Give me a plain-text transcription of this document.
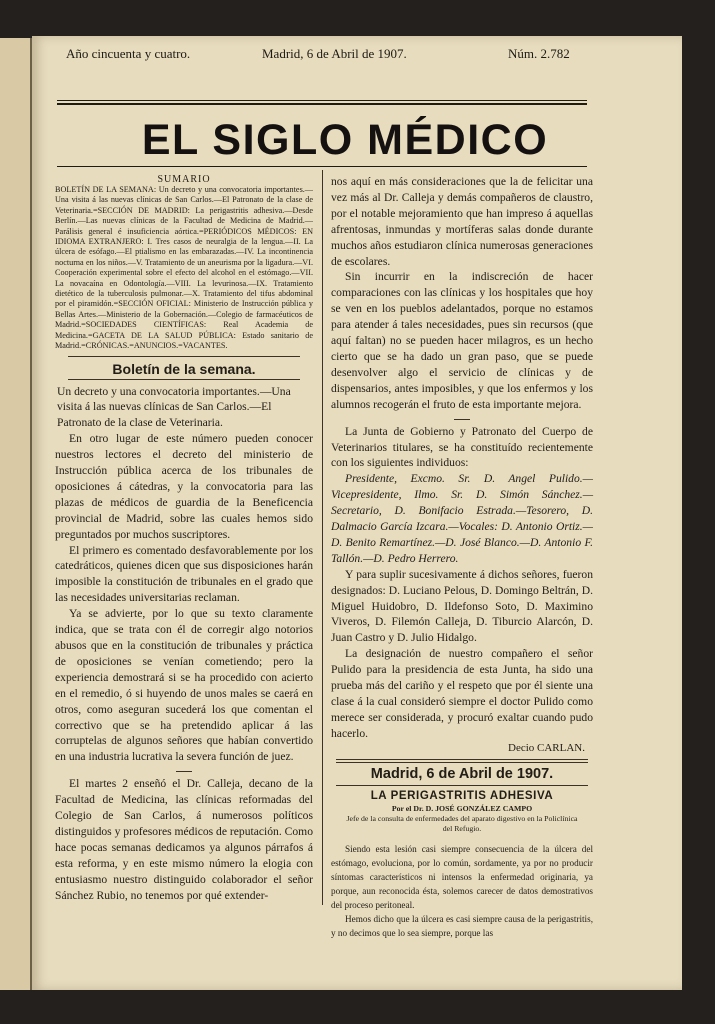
Año cincuenta y cuatro.	Madrid, 6 de Abril de 1907.	Núm. 2.782
EL SIGLO MÉDICO

SUMARIO

BOLETÍN DE LA SEMANA: Un decreto y una convocatoria importantes.—Una visita á las nuevas clínicas de San Carlos.—El Patronato de la clase de Veterinaria.=SECCIÓN DE MADRID: La perigastritis adhesiva.—Desde Berlín.—Las nuevas clínicas de la Facultad de Medicina de Madrid.—Parálisis general é insuficiencia aórtica.=PERIÓDICOS MÉDICOS: EN IDIOMA EXTRANJERO: I. Tres casos de neuralgia de la lengua.—II. La úlcera de esófago.—El ptialismo en las embarazadas.—IV. La incontinencia nocturna en los niños.—V. Tratamiento de un aneurisma por la ligadura.—VI. Cooperación experimental sobre el efecto del alcohol en el estómago.—VII. La novacaína en Odontología.—VIII. La levurinosa.—IX. Tratamiento dietético de la tuberculosis pulmonar.—X. Tratamiento del tifus abdominal por el piramidón.=SECCIÓN OFICIAL: Ministerio de Instrucción pública y Bellas Artes.—Ministerio de la Gobernación.—Colegio de farmacéuticos de Madrid.=SOCIEDADES CIENTÍFICAS: Real Academia de Medicina.=GACETA DE LA SALUD PÚBLICA: Estado sanitario de Madrid.=CRÓNICAS.=ANUNCIOS.=VACANTES.

Boletín de la semana.

Un decreto y una convocatoria importantes.—Una visita á las nuevas clínicas de San Carlos.—El Patronato de la clase de Veterinaria.

En otro lugar de este número pueden conocer nuestros lectores el decreto del ministerio de Instrucción pública acerca de los tribunales de oposiciones á cátedras, y la convocatoria para las plazas de médicos de guardia de la Beneficencia provincial de Madrid, sobre las cuales hemos sido preguntados por muchos suscriptores.

El primero es comentado desfavorablemente por los catedráticos, quienes dicen que sus disposiciones harán imposible la constitución de tribunales en el grado que las necesidades universitarias reclaman.

Ya se advierte, por lo que su texto claramente indica, que se trata con él de corregir algo notorios abusos que en la constitución de tribunales y práctica de oposiciones se venían cometiendo; pero la experiencia demostrará si se ha procedido con acierto en el remedio, ó si huyendo de unos males se caerá en otros, como aseguran sucederá los que comentan el correctivo que se ha pretendido aplicar á las corruptelas de algunos señores que habían convertido en una industria lucrativa la severa función de juez.

El martes 2 enseñó el Dr. Calleja, decano de la Facultad de Medicina, las clínicas reformadas del Colegio de San Carlos, á numerosos políticos distinguidos y profesores médicos de reputación. Como hace pocas semanas dedicamos ya algunos párrafos á esta reforma, y en este mismo número la elogia con entusiasmo nuestro distinguido colaborador el señor Sánchez Rubio, no tenemos por qué extender-

nos aquí en más consideraciones que la de felicitar una vez más al Dr. Calleja y demás compañeros de claustro, por el notable mejoramiento que han impreso á aquellas afrentosas, inmundas y mortíferas salas donde durante muchos años estudiaron clínica numerosas generaciones de escolares.

Sin incurrir en la indiscreción de hacer comparaciones con las clínicas y los hospitales que hoy se ven en los pueblos adelantados, porque no estamos para atender á tales necesidades, pues sin recursos (que aquí faltan) no se pueden hacer milagros, es un hecho cierto que se ha dado un gran paso, que se puede desenvolver algo el servicio de clínicas y de dispensarios, antes imposibles, y que los enfermos y los alumnos recogerán el fruto de esta importante mejora.

La Junta de Gobierno y Patronato del Cuerpo de Veterinarios titulares, se ha constituído recientemente con los siguientes individuos:

Presidente, Excmo. Sr. D. Angel Pulido.—Vicepresidente, Ilmo. Sr. D. Simón Sánchez.—Secretario, D. Bonifacio Estrada.—Tesorero, D. Dalmacio García Izcara.—Vocales: D. Antonio Ortiz.—D. Benito Remartínez.—D. José Blanco.—D. Antonio F. Tallón.—D. Pedro Herrero.

Y para suplir sucesivamente á dichos señores, fueron designados: D. Luciano Pelous, D. Domingo Beltrán, D. Miguel Huidobro, D. Ildefonso Soto, D. Maximino Viveros, D. Filemón Calleja, D. Tiburcio Alarcón, D. Juan Castro y D. Julio Hidalgo.

La designación de nuestro compañero el señor Pulido para la presidencia de esta Junta, ha sido una prueba más del cariño y el respeto que por él siente una clase á la cual consideró siempre el doctor Pulido como merece ser considerada, y procuró exaltar cuando pudo hacerlo.

Decio CARLAN.

Madrid, 6 de Abril de 1907.

LA PERIGASTRITIS ADHESIVA

Por el Dr. D. JOSÉ GONZÁLEZ CAMPO

Jefe de la consulta de enfermedades del aparato digestivo en la Policlínica del Refugio.

Siendo esta lesión casi siempre consecuencia de la úlcera del estómago, evoluciona, por lo común, sordamente, ya por no producir síntomas característicos ni intensos la enfermedad originaria, ya porque, aun reconocida ésta, solemos carecer de datos demostrativos del proceso peritoneal.

Hemos dicho que la úlcera es casi siempre causa de la perigastritis, y no decimos que lo sea siempre, porque las
